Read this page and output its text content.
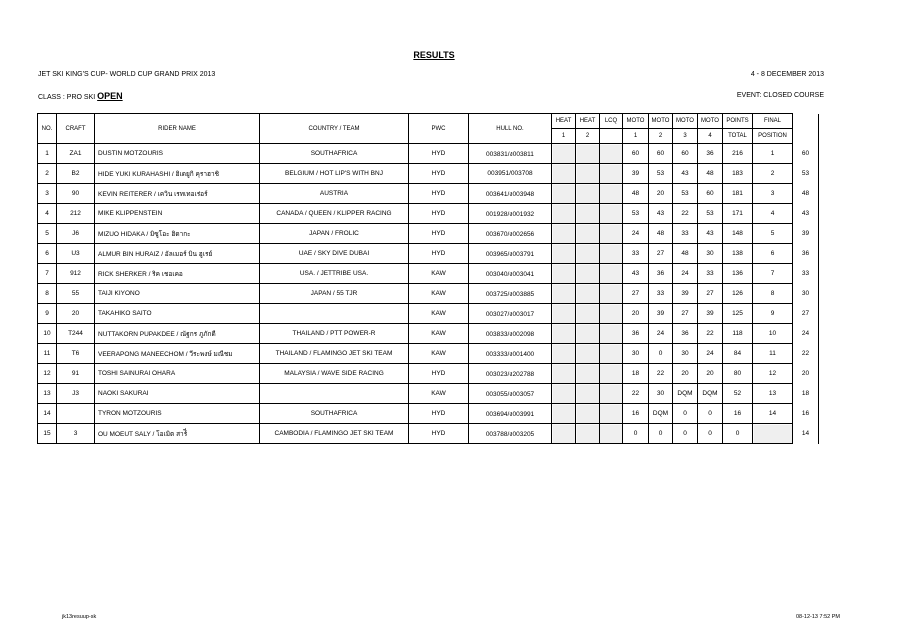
RESULTS
JET SKI KING'S CUP- WORLD CUP GRAND PRIX 2013	4 - 8 DECEMBER 2013
CLASS : PRO SKI OPEN	EVENT: CLOSED COURSE
NO.	CRAFT	RIDER NAME	COUNTRY / TEAM	PWC	HULL NO.	HEAT	HEAT	LCQ	MOTO	MOTO	MOTO	MOTO	POINTS	FINAL	
						1	2		1	2	3	4	TOTAL	POSITION	
1	ZA1	DUSTIN MOTZOURIS	SOUTHAFRICA	HYD	003831/ง003811				60	60	60	36	216	1	60
2	B2	HIDE YUKI KURAHASHI / ฮิเดยูกิ คุราฮาชิ	BELGIUM / HOT LIP'S WITH BNJ	HYD	003951/003708				39	53	43	48	183	2	53
3	90	KEVIN REITERER / เควิน เรทเทอเร่อร์	AUSTRIA	HYD	003641/ง003948				48	20	53	60	181	3	48
4	212	MIKE KLIPPENSTEIN	CANADA / QUEEN / KLIPPER RACING	HYD	001928/ง001932				53	43	22	53	171	4	43
5	J6	MIZUO HIDAKA / มิซูโอะ ฮิดากะ	JAPAN / FROLIC	HYD	003670/ง002656				24	48	33	43	148	5	39
6	U3	ALMUR BIN HURAIZ / อัลเมอร์ บิน ฮูเรย์	UAE / SKY DIVE DUBAI	HYD	003965/ง003791				33	27	48	30	138	6	36
7	912	RICK SHERKER / ริค เชอเคอ	USA. / JETTRIBE USA.	KAW	003040/ง003041				43	36	24	33	136	7	33
8	55	TAIJI KIYONO	JAPAN / 55 TJR	KAW	003725/ง003885				27	33	39	27	126	8	30
9	20	TAKAHIKO SAITO		KAW	003027/ง003017				20	39	27	39	125	9	27
10	T244	NUTTAKORN PUPAKDEE / ณัฐกร ภูภักดี	THAILAND / PTT POWER-R	KAW	003833/ง002098				36	24	36	22	118	10	24
11	T6	VEERAPONG MANEECHOM / วีระพงษ์ มณีชม	THAILAND / FLAMINGO JET SKI TEAM	KAW	003333/ง001400				30	0	30	24	84	11	22
12	91	TOSHI SAINURAI OHARA	MALAYSIA / WAVE SIDE RACING	HYD	003023/ง202788				18	22	20	20	80	12	20
13	J3	NAOKI SAKURAI		KAW	003055/ง003057				22	30	DQM	DQM	52	13	18
14		TYRON MOTZOURIS	SOUTHAFRICA	HYD	003694/ง003991				16	DQM	0	0	16	14	16
15	3	OU MOEUT SALY / โอเมิต สาร์ี่	CAMBODIA / FLAMINGO JET SKI TEAM	HYD	003788/ง003205				0	0	0	0	0		14
jk13resuup-sk	08-12-13 7:52 PM
